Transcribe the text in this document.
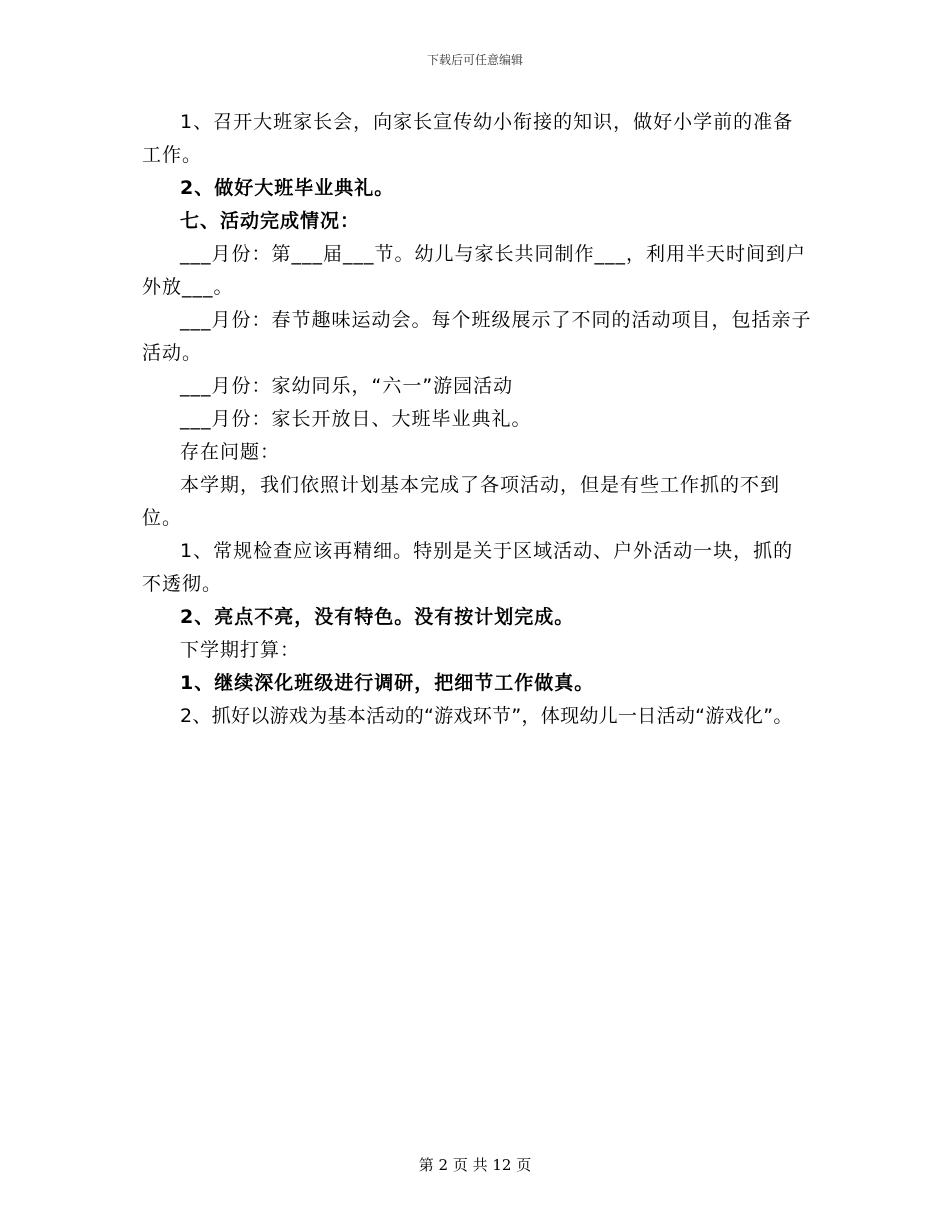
下载后可任意编辑

1、召开大班家长会，向家长宣传幼小衔接的知识，做好小学前的准备工作。

2、做好大班毕业典礼。

七、活动完成情况：

___月份：第___届___节。幼儿与家长共同制作___，利用半天时间到户外放___。

___月份：春节趣味运动会。每个班级展示了不同的活动项目，包括亲子活动。

___月份：家幼同乐，“六一”游园活动

___月份：家长开放日、大班毕业典礼。

存在问题：

本学期，我们依照计划基本完成了各项活动，但是有些工作抓的不到位。

1、常规检查应该再精细。特别是关于区域活动、户外活动一块，抓的不透彻。

2、亮点不亮，没有特色。没有按计划完成。

下学期打算：

1、继续深化班级进行调研，把细节工作做真。

2、抓好以游戏为基本活动的“游戏环节”，体现幼儿一日活动“游戏化”。

第 2 页 共 12 页
